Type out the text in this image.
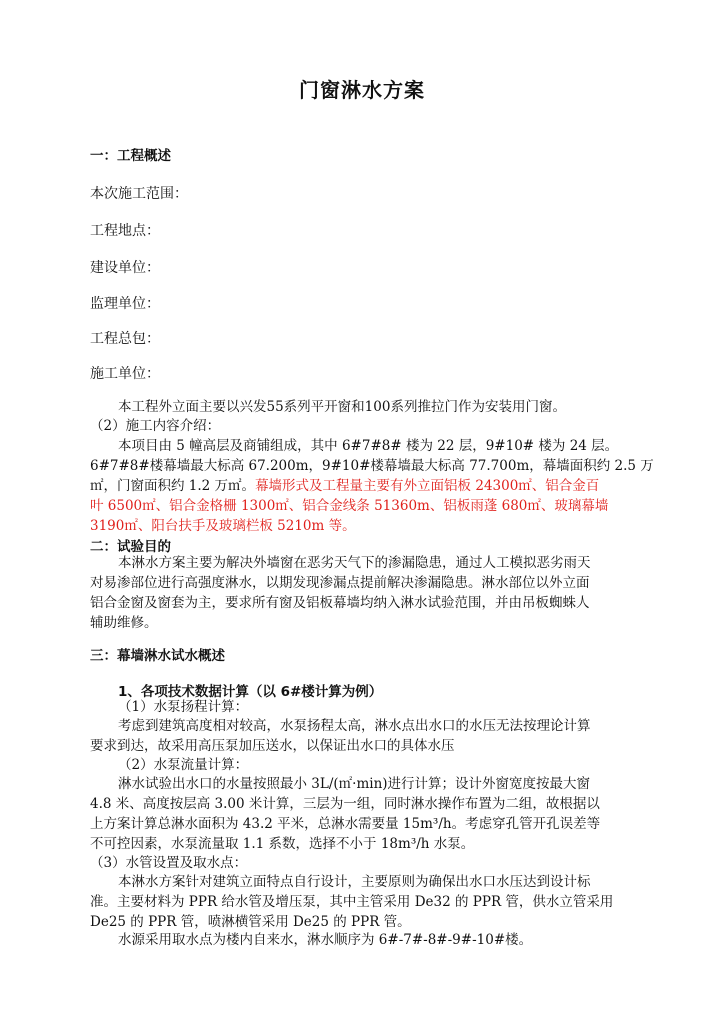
门窗淋水方案
一：工程概述
本次施工范围：
工程地点：
建设单位：
监理单位：
工程总包：
施工单位：
本工程外立面主要以兴发55系列平开窗和100系列推拉门作为安装用门窗。
（2）施工内容介绍：
本项目由 5 幢高层及商铺组成，其中 6#7#8# 楼为 22 层，9#10# 楼为 24 层。
6#7#8#楼幕墙最大标高 67.200m，9#10#楼幕墙最大标高 77.700m，幕墙面积约 2.5 万
㎡，门窗面积约 1.2 万㎡。幕墙形式及工程量主要有外立面铝板 24300㎡、铝合金百
叶 6500㎡、铝合金格栅 1300㎡、铝合金线条 51360m、铝板雨蓬 680㎡、玻璃幕墙
3190㎡、阳台扶手及玻璃栏板 5210m 等。
二：试验目的
本淋水方案主要为解决外墙窗在恶劣天气下的渗漏隐患，通过人工模拟恶劣雨天
对易渗部位进行高强度淋水，以期发现渗漏点提前解决渗漏隐患。淋水部位以外立面
铝合金窗及窗套为主，要求所有窗及铝板幕墙均纳入淋水试验范围，并由吊板蜘蛛人
辅助维修。
三：幕墙淋水试水概述
1、各项技术数据计算（以 6#楼计算为例）
（1）水泵扬程计算：
考虑到建筑高度相对较高，水泵扬程太高，淋水点出水口的水压无法按理论计算
要求到达，故采用高压泵加压送水，以保证出水口的具体水压
（2）水泵流量计算：
淋水试验出水口的水量按照最小 3L/(㎡·min)进行计算；设计外窗宽度按最大窗
4.8 米、高度按层高 3.00 米计算，三层为一组，同时淋水操作布置为二组，故根据以
上方案计算总淋水面积为 43.2 平米，总淋水需要量 15m³/h。考虑穿孔管开孔误差等
不可控因素，水泵流量取 1.1 系数，选择不小于 18m³/h 水泵。
（3）水管设置及取水点：
本淋水方案针对建筑立面特点自行设计，主要原则为确保出水口水压达到设计标
准。主要材料为 PPR 给水管及增压泵，其中主管采用 De32 的 PPR 管，供水立管采用
De25 的 PPR 管，喷淋横管采用 De25 的 PPR 管。
水源采用取水点为楼内自来水，淋水顺序为 6#-7#-8#-9#-10#楼。
